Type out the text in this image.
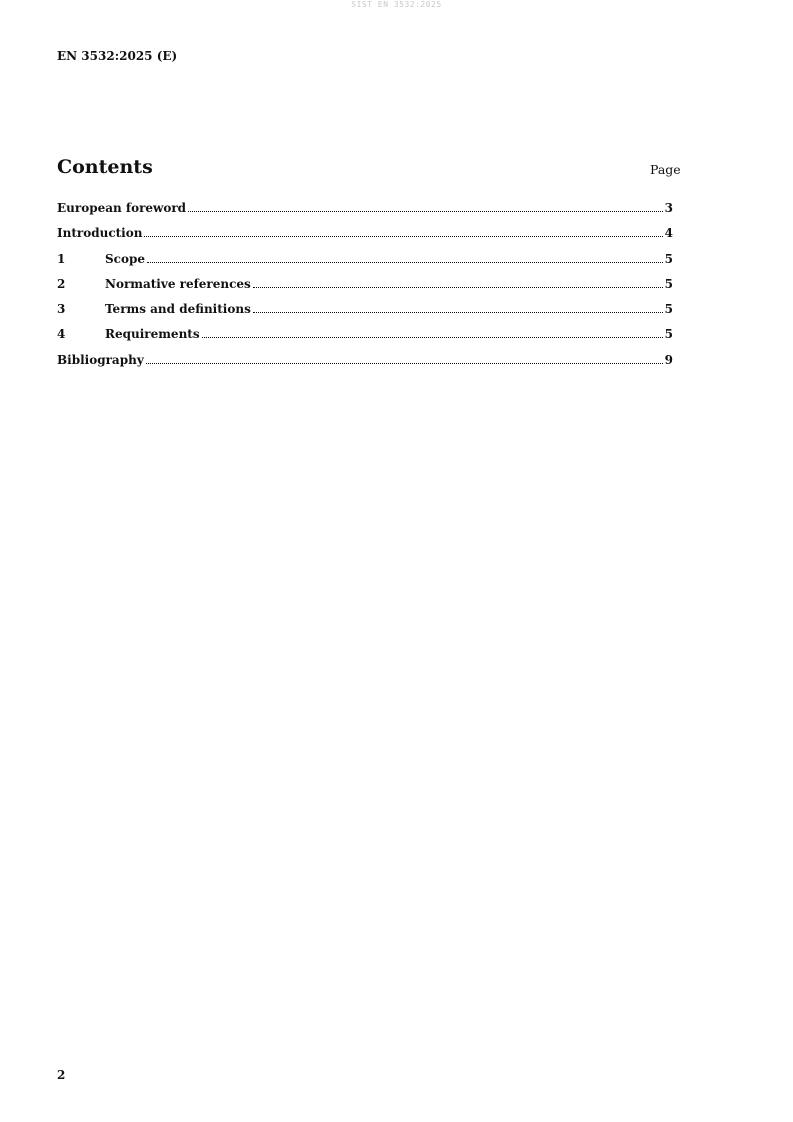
SIST EN 3532:2025
EN 3532:2025 (E)
Contents	Page
European foreword	3
Introduction	4
1	Scope	5
2	Normative references	5
3	Terms and definitions	5
4	Requirements	5
Bibliography	9
2
